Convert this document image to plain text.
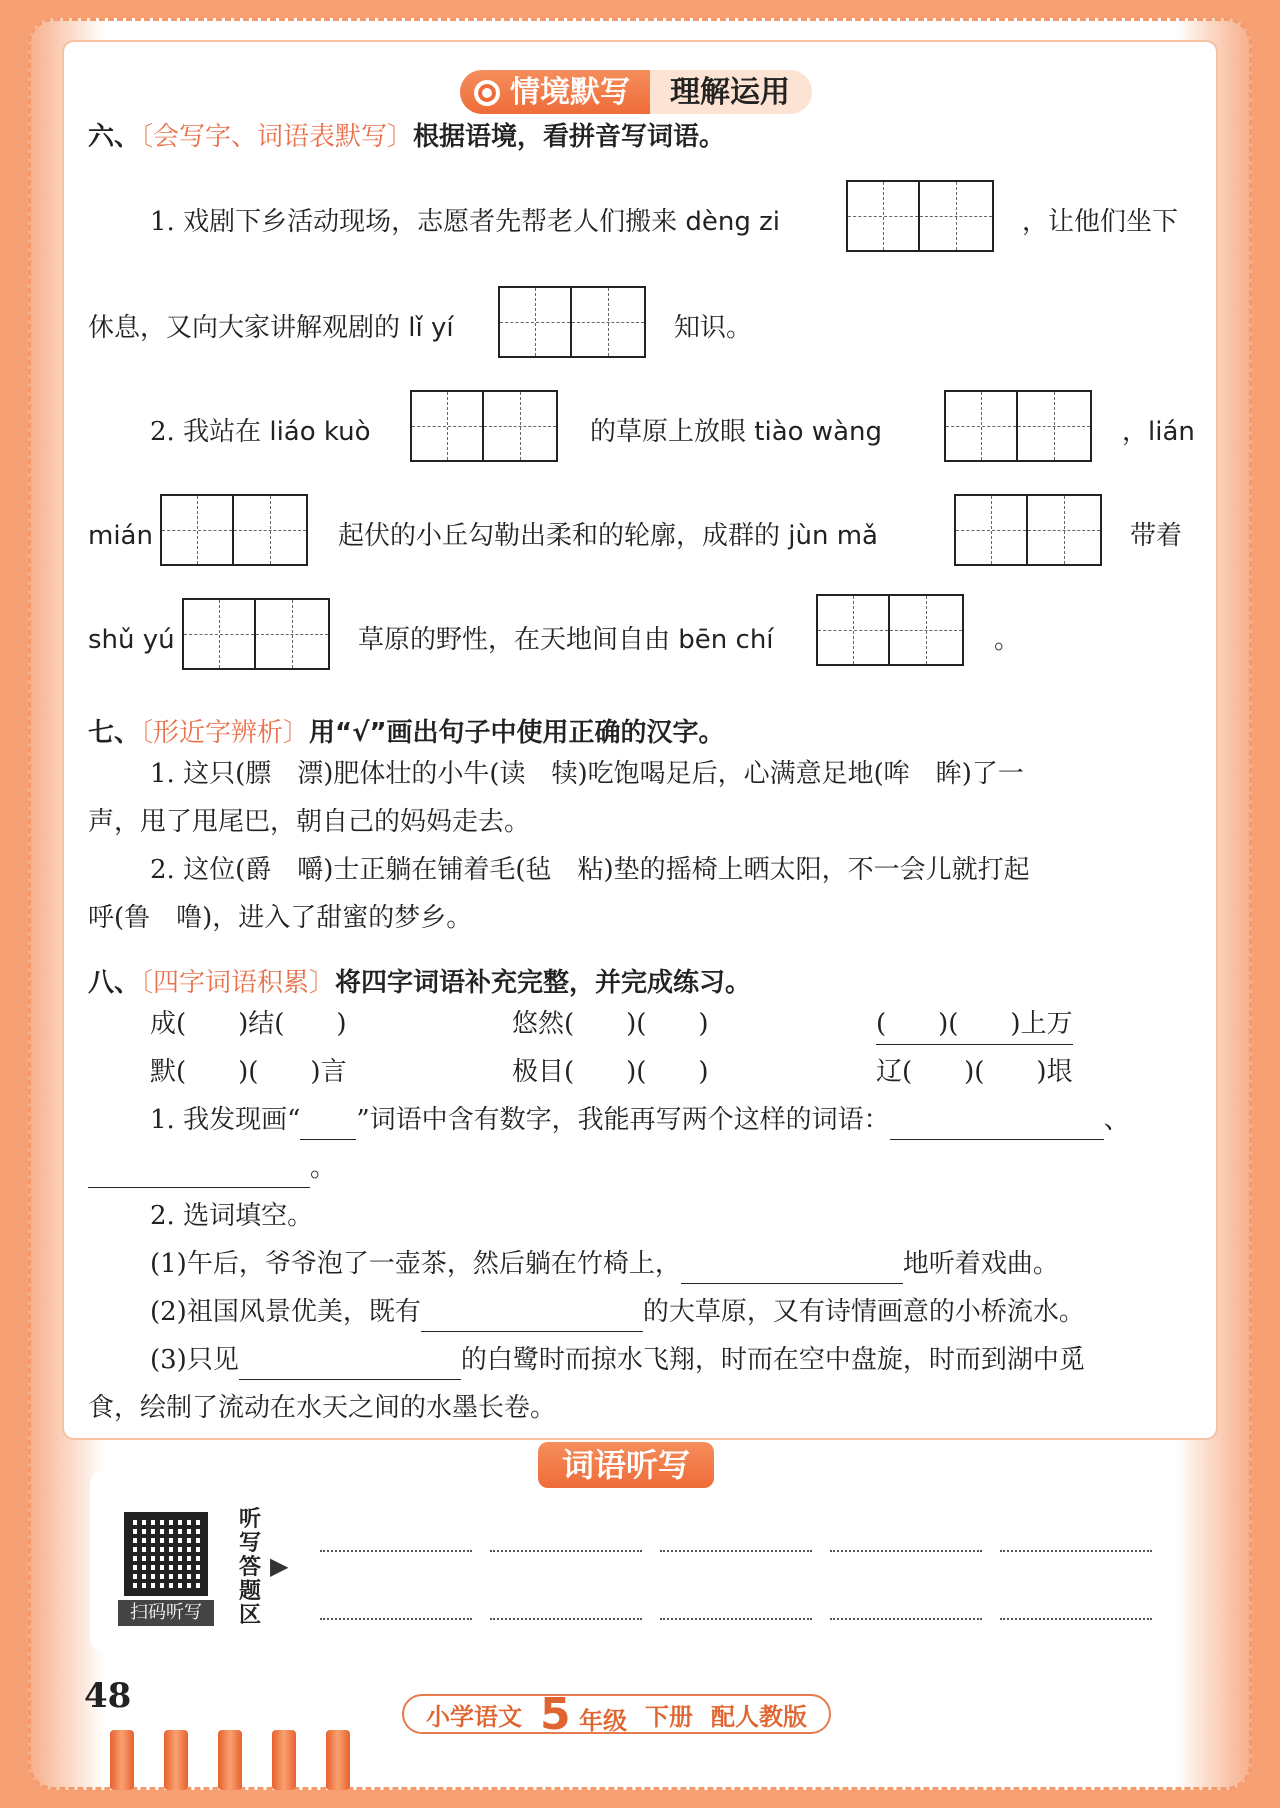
情境默写	理解运用
六、〔会写字、词语表默写〕根据语境，看拼音写词语。
1. 戏剧下乡活动现场，志愿者先帮老人们搬来 dèng zi	，让他们坐下
休息，又向大家讲解观剧的 lǐ yí	知识。
2. 我站在 liáo kuò	的草原上放眼 tiào wàng	，lián
mián	起伏的小丘勾勒出柔和的轮廓，成群的 jùn mǎ	带着
shǔ yú	草原的野性，在天地间自由 bēn chí	。
七、〔形近字辨析〕用“√”画出句子中使用正确的汉字。
1. 这只(膘　漂)肥体壮的小牛(读　犊)吃饱喝足后，心满意足地(哞　眸)了一
声，甩了甩尾巴，朝自己的妈妈走去。
2. 这位(爵　嚼)士正躺在铺着毛(毡　粘)垫的摇椅上晒太阳，不一会儿就打起
呼(鲁　噜)，进入了甜蜜的梦乡。
八、〔四字词语积累〕将四字词语补充完整，并完成练习。
成(　　)结(　　)	悠然(　　)(　　)	(　　)(　　)上万
默(　　)(　　)言	极目(　　)(　　)	辽(　　)(　　)垠
1. 我发现画“ ”词语中含有数字，我能再写两个这样的词语：	、
。
2. 选词填空。
(1)午后，爷爷泡了一壶茶，然后躺在竹椅上，	地听着戏曲。
(2)祖国风景优美，既有	的大草原，又有诗情画意的小桥流水。
(3)只见	的白鹭时而掠水飞翔，时而在空中盘旋，时而到湖中觅
食，绘制了流动在水天之间的水墨长卷。
词语听写
扫码听写
听写答题区
▶
48
小学语文 5 年级 下册 配人教版
